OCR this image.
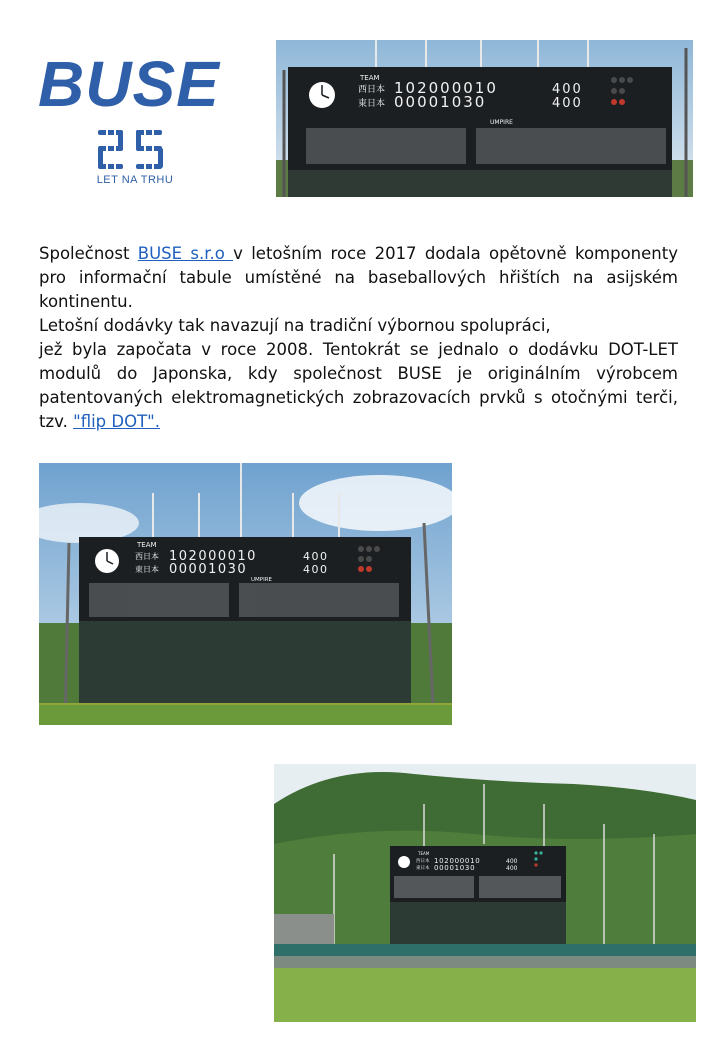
BUSE
LET NA TRHU
TEAM
西日本
東日本
102000010
00001030
400
400
UMPIRE

Společnost BUSE s.r.o v letošním roce 2017 dodala opětovně komponenty pro informační tabule umístěné na baseballových hřištích na asijském kontinentu.

Letošní dodávky tak navazují na tradiční výbornou spolupráci,

jež byla započata v roce 2008. Tentokrát se jednalo o dodávku DOT-LET modulů do Japonska, kdy společnost BUSE je originálním výrobcem patentovaných elektromagnetických zobrazovacích prvků s otočnými terči, tzv. "flip DOT".

TEAM
西日本
東日本
102000010
00001030
400
400
UMPIRE
TEAM
西日本
東日本
102000010
00001030
400
400
